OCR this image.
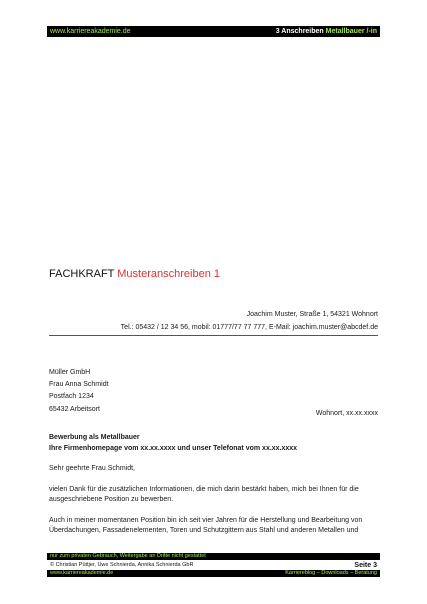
www.karriereakademie.de	3 Anschreiben Metallbauer /-in
FACHKRAFT Musteranschreiben 1
Joachim Muster, Straße 1, 54321 Wohnort
Tel.: 05432 / 12 34 56, mobil: 01777/77 77 777, E-Mail: joachim.muster@abcdef.de
Müller GmbH
Frau Anna Schmidt
Postfach 1234
65432 Arbeitsort
Wohnort, xx.xx.xxxx
Bewerbung als Metallbauer
Ihre Firmenhomepage vom xx.xx.xxxx und unser Telefonat vom xx.xx.xxxx

Sehr geehrte Frau Schmidt,

vielen Dank für die zusätzlichen Informationen, die mich darin bestärkt haben, mich bei Ihnen für die ausgeschriebene Position zu bewerben.

Auch in meiner momentanen Position bin ich seit vier Jahren für die Herstellung und Bearbeitung von Überdachungen, Fassadenelementen, Toren und Schutzgittern aus Stahl und anderen Metallen und

nur zum privaten Gebrauch, Weitergabe an Dritte nicht gestattet
© Christian Püttjer, Uwe Schnierda, Annika Schnierda GbR	Seite 3
www.karriereakademie.de	Karriereblog – Downloads – Beratung
